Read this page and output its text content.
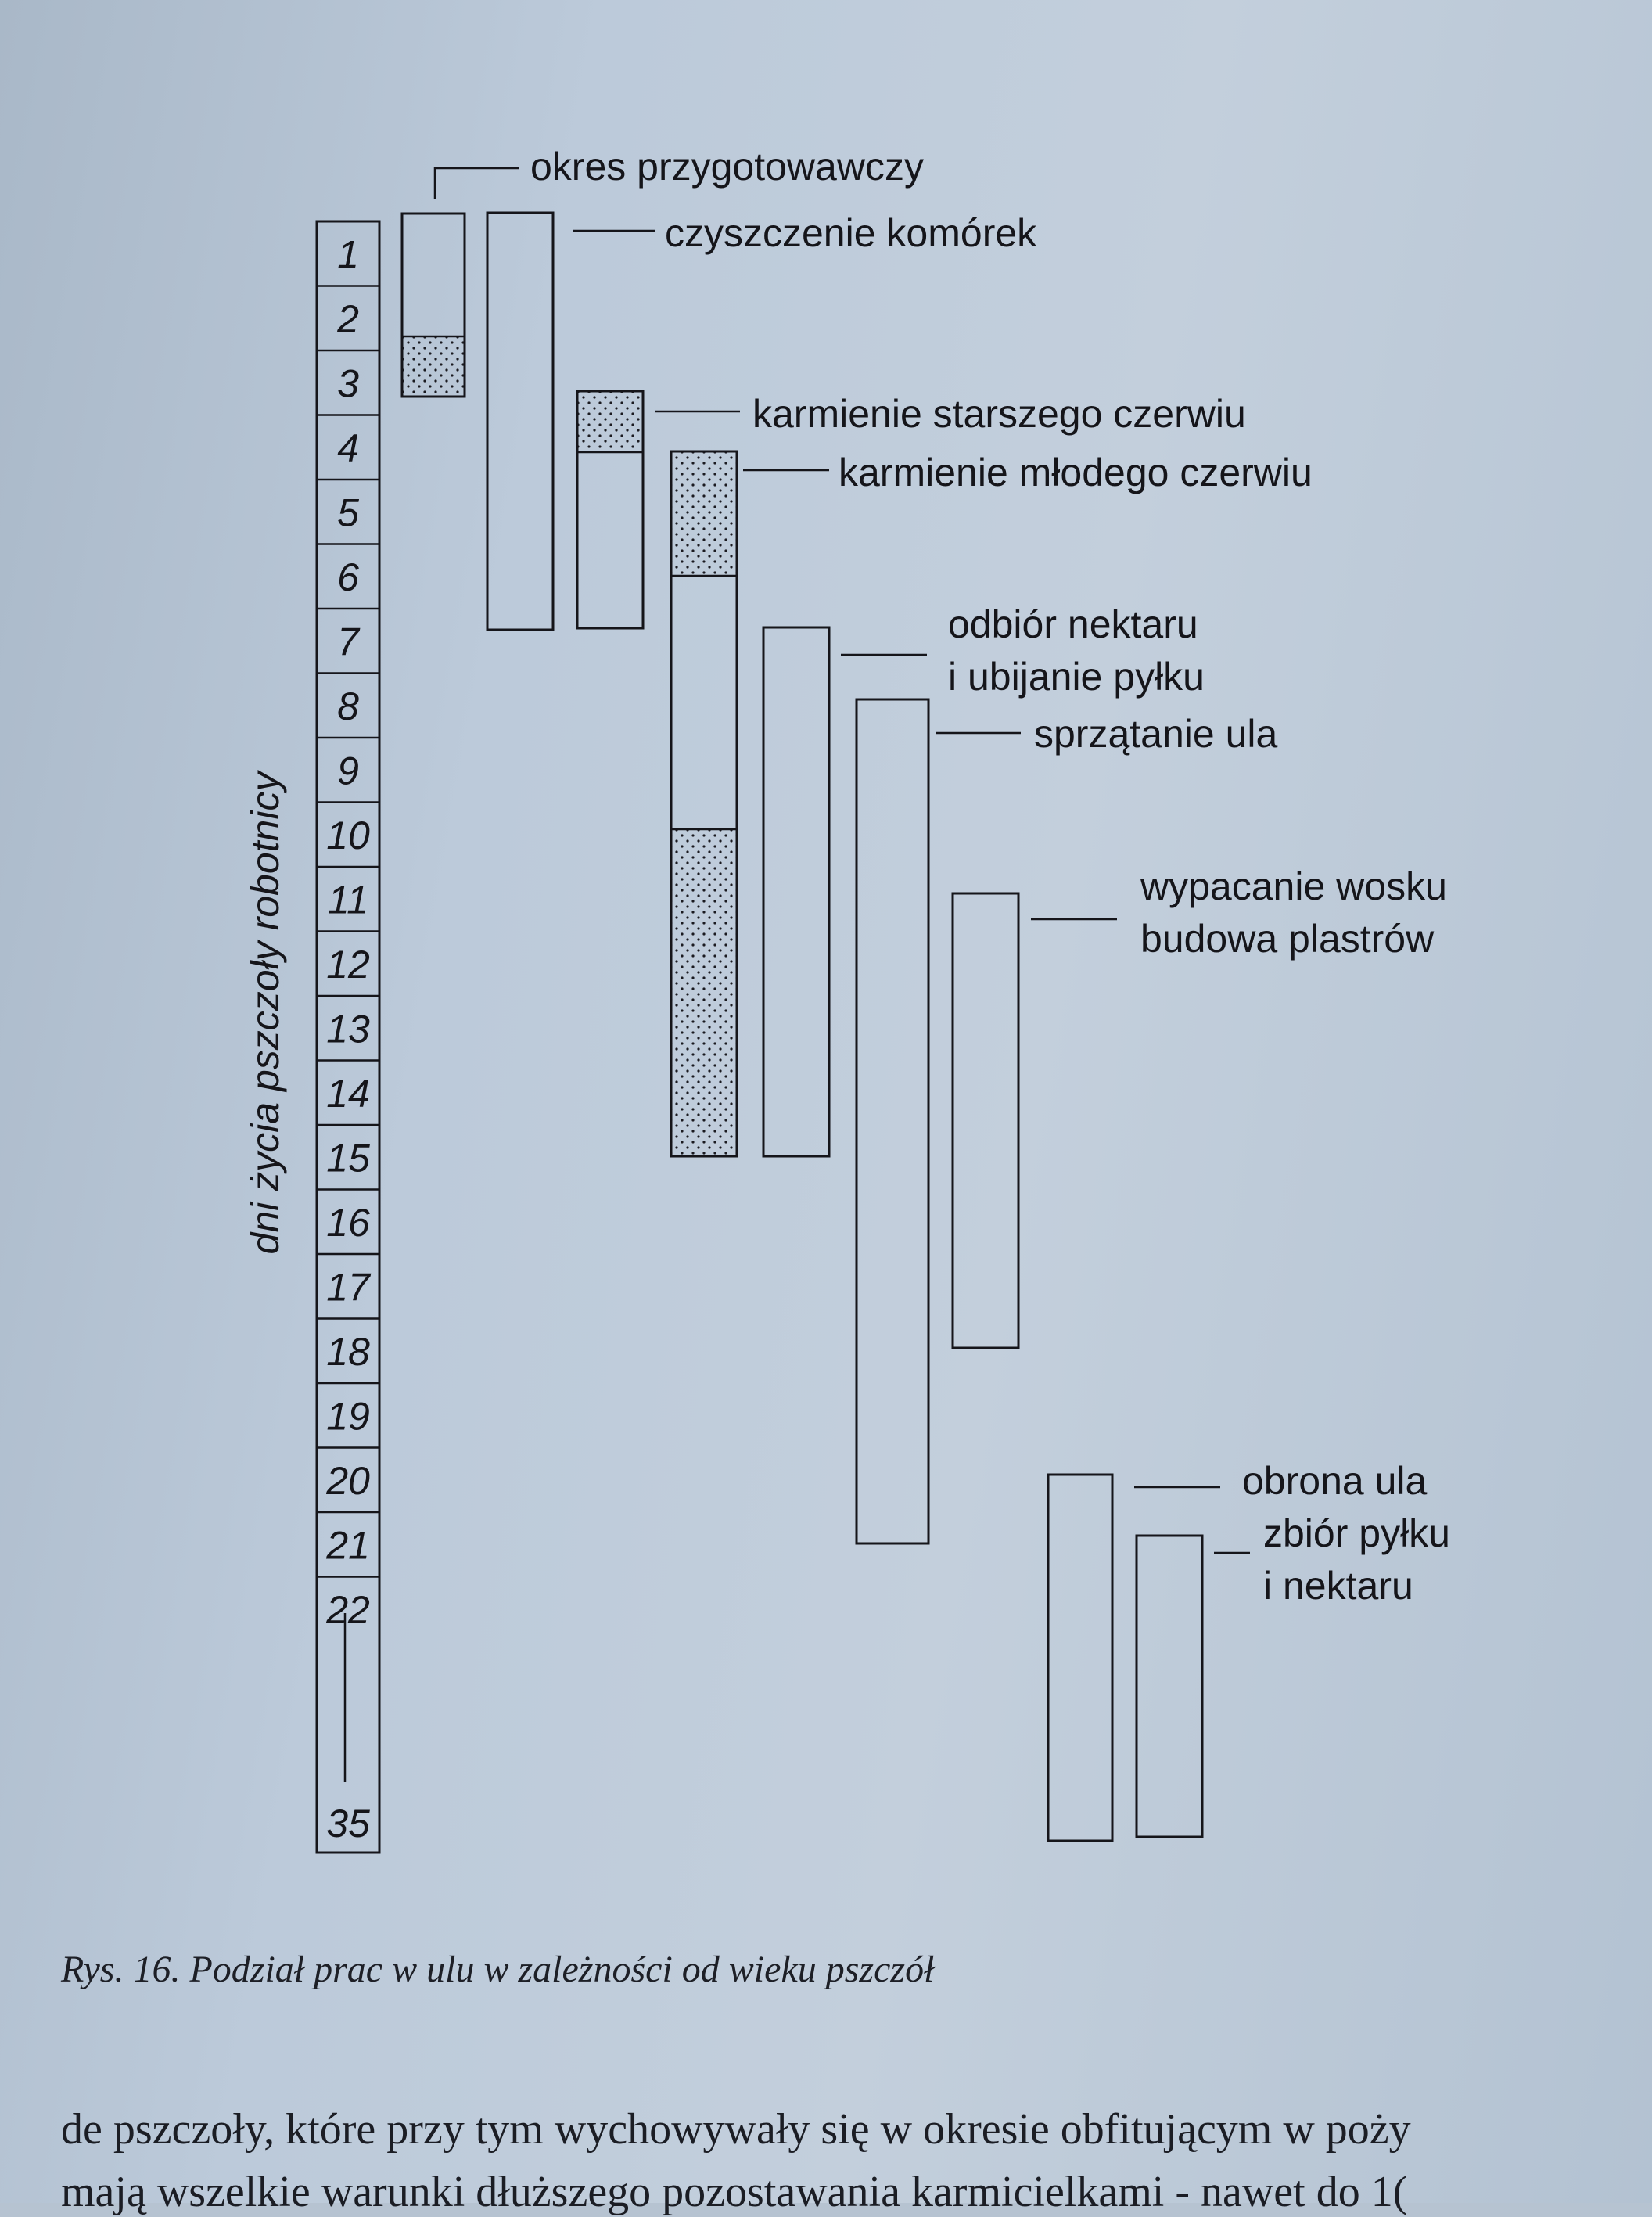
1
2
3
4
5
6
7
8
9
10
11
12
13
14
15
16
17
18
19
20
21
22
35
okres przygotowawczy
czyszczenie komórek
karmienie starszego czerwiu
karmienie młodego czerwiu
odbiór nektaru
i ubijanie pyłku
sprzątanie ula
wypacanie wosku
budowa plastrów
obrona ula
zbiór pyłku
i nektaru
dni życia pszczoły robotnicy
Rys. 16. Podział prac w ulu w zależności od wieku pszczół
de pszczoły, które przy tym wychowywały się w okresie obfitującym w poży
mają wszelkie warunki dłuższego pozostawania karmicielkami - nawet do 1(
